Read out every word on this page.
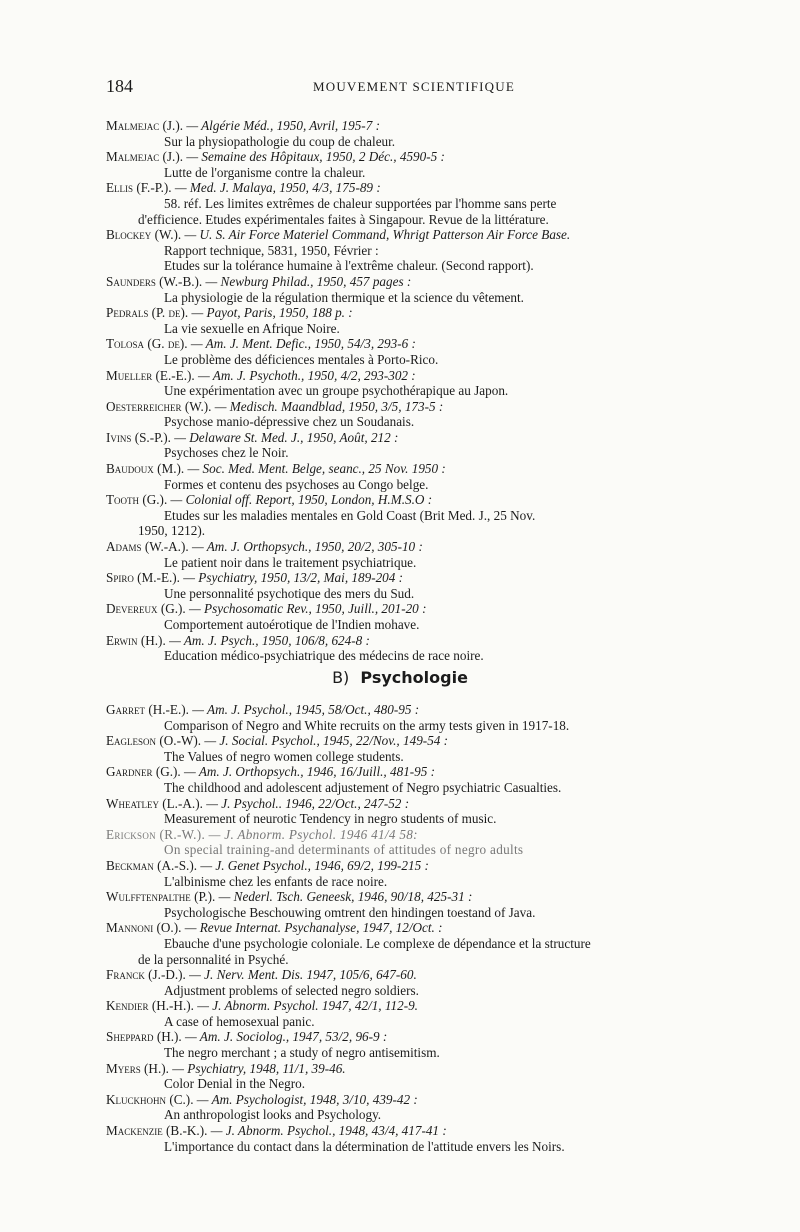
184	MOUVEMENT SCIENTIFIQUE
Malmejac (J.). — Algérie Méd., 1950, Avril, 195-7 :
Sur la physiopathologie du coup de chaleur.
Malmejac (J.). — Semaine des Hôpitaux, 1950, 2 Déc., 4590-5 :
Lutte de l'organisme contre la chaleur.
Ellis (F.-P.). — Med. J. Malaya, 1950, 4/3, 175-89 :
58. réf. Les limites extrêmes de chaleur supportées par l'homme sans perte
d'efficience. Etudes expérimentales faites à Singapour. Revue de la littérature.
Blockey (W.). — U. S. Air Force Materiel Command, Whrigt Patterson Air Force Base.
Rapport technique, 5831, 1950, Février :
Etudes sur la tolérance humaine à l'extrême chaleur. (Second rapport).
Saunders (W.-B.). — Newburg Philad., 1950, 457 pages :
La physiologie de la régulation thermique et la science du vêtement.
Pedrals (P. de). — Payot, Paris, 1950, 188 p. :
La vie sexuelle en Afrique Noire.
Tolosa (G. de). — Am. J. Ment. Defic., 1950, 54/3, 293-6 :
Le problème des déficiences mentales à Porto-Rico.
Mueller (E.-E.). — Am. J. Psychoth., 1950, 4/2, 293-302 :
Une expérimentation avec un groupe psychothérapique au Japon.
Oesterreicher (W.). — Medisch. Maandblad, 1950, 3/5, 173-5 :
Psychose manio-dépressive chez un Soudanais.
Ivins (S.-P.). — Delaware St. Med. J., 1950, Août, 212 :
Psychoses chez le Noir.
Baudoux (M.). — Soc. Med. Ment. Belge, seanc., 25 Nov. 1950 :
Formes et contenu des psychoses au Congo belge.
Tooth (G.). — Colonial off. Report, 1950, London, H.M.S.O :
Etudes sur les maladies mentales en Gold Coast (Brit Med. J., 25 Nov.
1950, 1212).
Adams (W.-A.). — Am. J. Orthopsych., 1950, 20/2, 305-10 :
Le patient noir dans le traitement psychiatrique.
Spiro (M.-E.). — Psychiatry, 1950, 13/2, Mai, 189-204 :
Une personnalité psychotique des mers du Sud.
Devereux (G.). — Psychosomatic Rev., 1950, Juill., 201-20 :
Comportement autoérotique de l'Indien mohave.
Erwin (H.). — Am. J. Psych., 1950, 106/8, 624-8 :
Education médico-psychiatrique des médecins de race noire.
B) Psychologie
Garret (H.-E.). — Am. J. Psychol., 1945, 58/Oct., 480-95 :
Comparison of Negro and White recruits on the army tests given in 1917-18.
Eagleson (O.-W). — J. Social. Psychol., 1945, 22/Nov., 149-54 :
The Values of negro women college students.
Gardner (G.). — Am. J. Orthopsych., 1946, 16/Juill., 481-95 :
The childhood and adolescent adjustement of Negro psychiatric Casualties.
Wheatley (L.-A.). — J. Psychol.. 1946, 22/Oct., 247-52 :
Measurement of neurotic Tendency in negro students of music.
Erickson (R.-W.). — J. Abnorm. Psychol. 1946 41/4 58:
On special training-and determinants of attitudes of negro adults
Beckman (A.-S.). — J. Genet Psychol., 1946, 69/2, 199-215 :
L'albinisme chez les enfants de race noire.
Wulfftenpalthe (P.). — Nederl. Tsch. Geneesk, 1946, 90/18, 425-31 :
Psychologische Beschouwing omtrent den hindingen toestand of Java.
Mannoni (O.). — Revue Internat. Psychanalyse, 1947, 12/Oct. :
Ebauche d'une psychologie coloniale. Le complexe de dépendance et la structure
de la personnalité in Psyché.
Franck (J.-D.). — J. Nerv. Ment. Dis. 1947, 105/6, 647-60.
Adjustment problems of selected negro soldiers.
Kendier (H.-H.). — J. Abnorm. Psychol. 1947, 42/1, 112-9.
A case of hemosexual panic.
Sheppard (H.). — Am. J. Sociolog., 1947, 53/2, 96-9 :
The negro merchant ; a study of negro antisemitism.
Myers (H.). — Psychiatry, 1948, 11/1, 39-46.
Color Denial in the Negro.
Kluckhohn (C.). — Am. Psychologist, 1948, 3/10, 439-42 :
An anthropologist looks and Psychology.
Mackenzie (B.-K.). — J. Abnorm. Psychol., 1948, 43/4, 417-41 :
L'importance du contact dans la détermination de l'attitude envers les Noirs.
